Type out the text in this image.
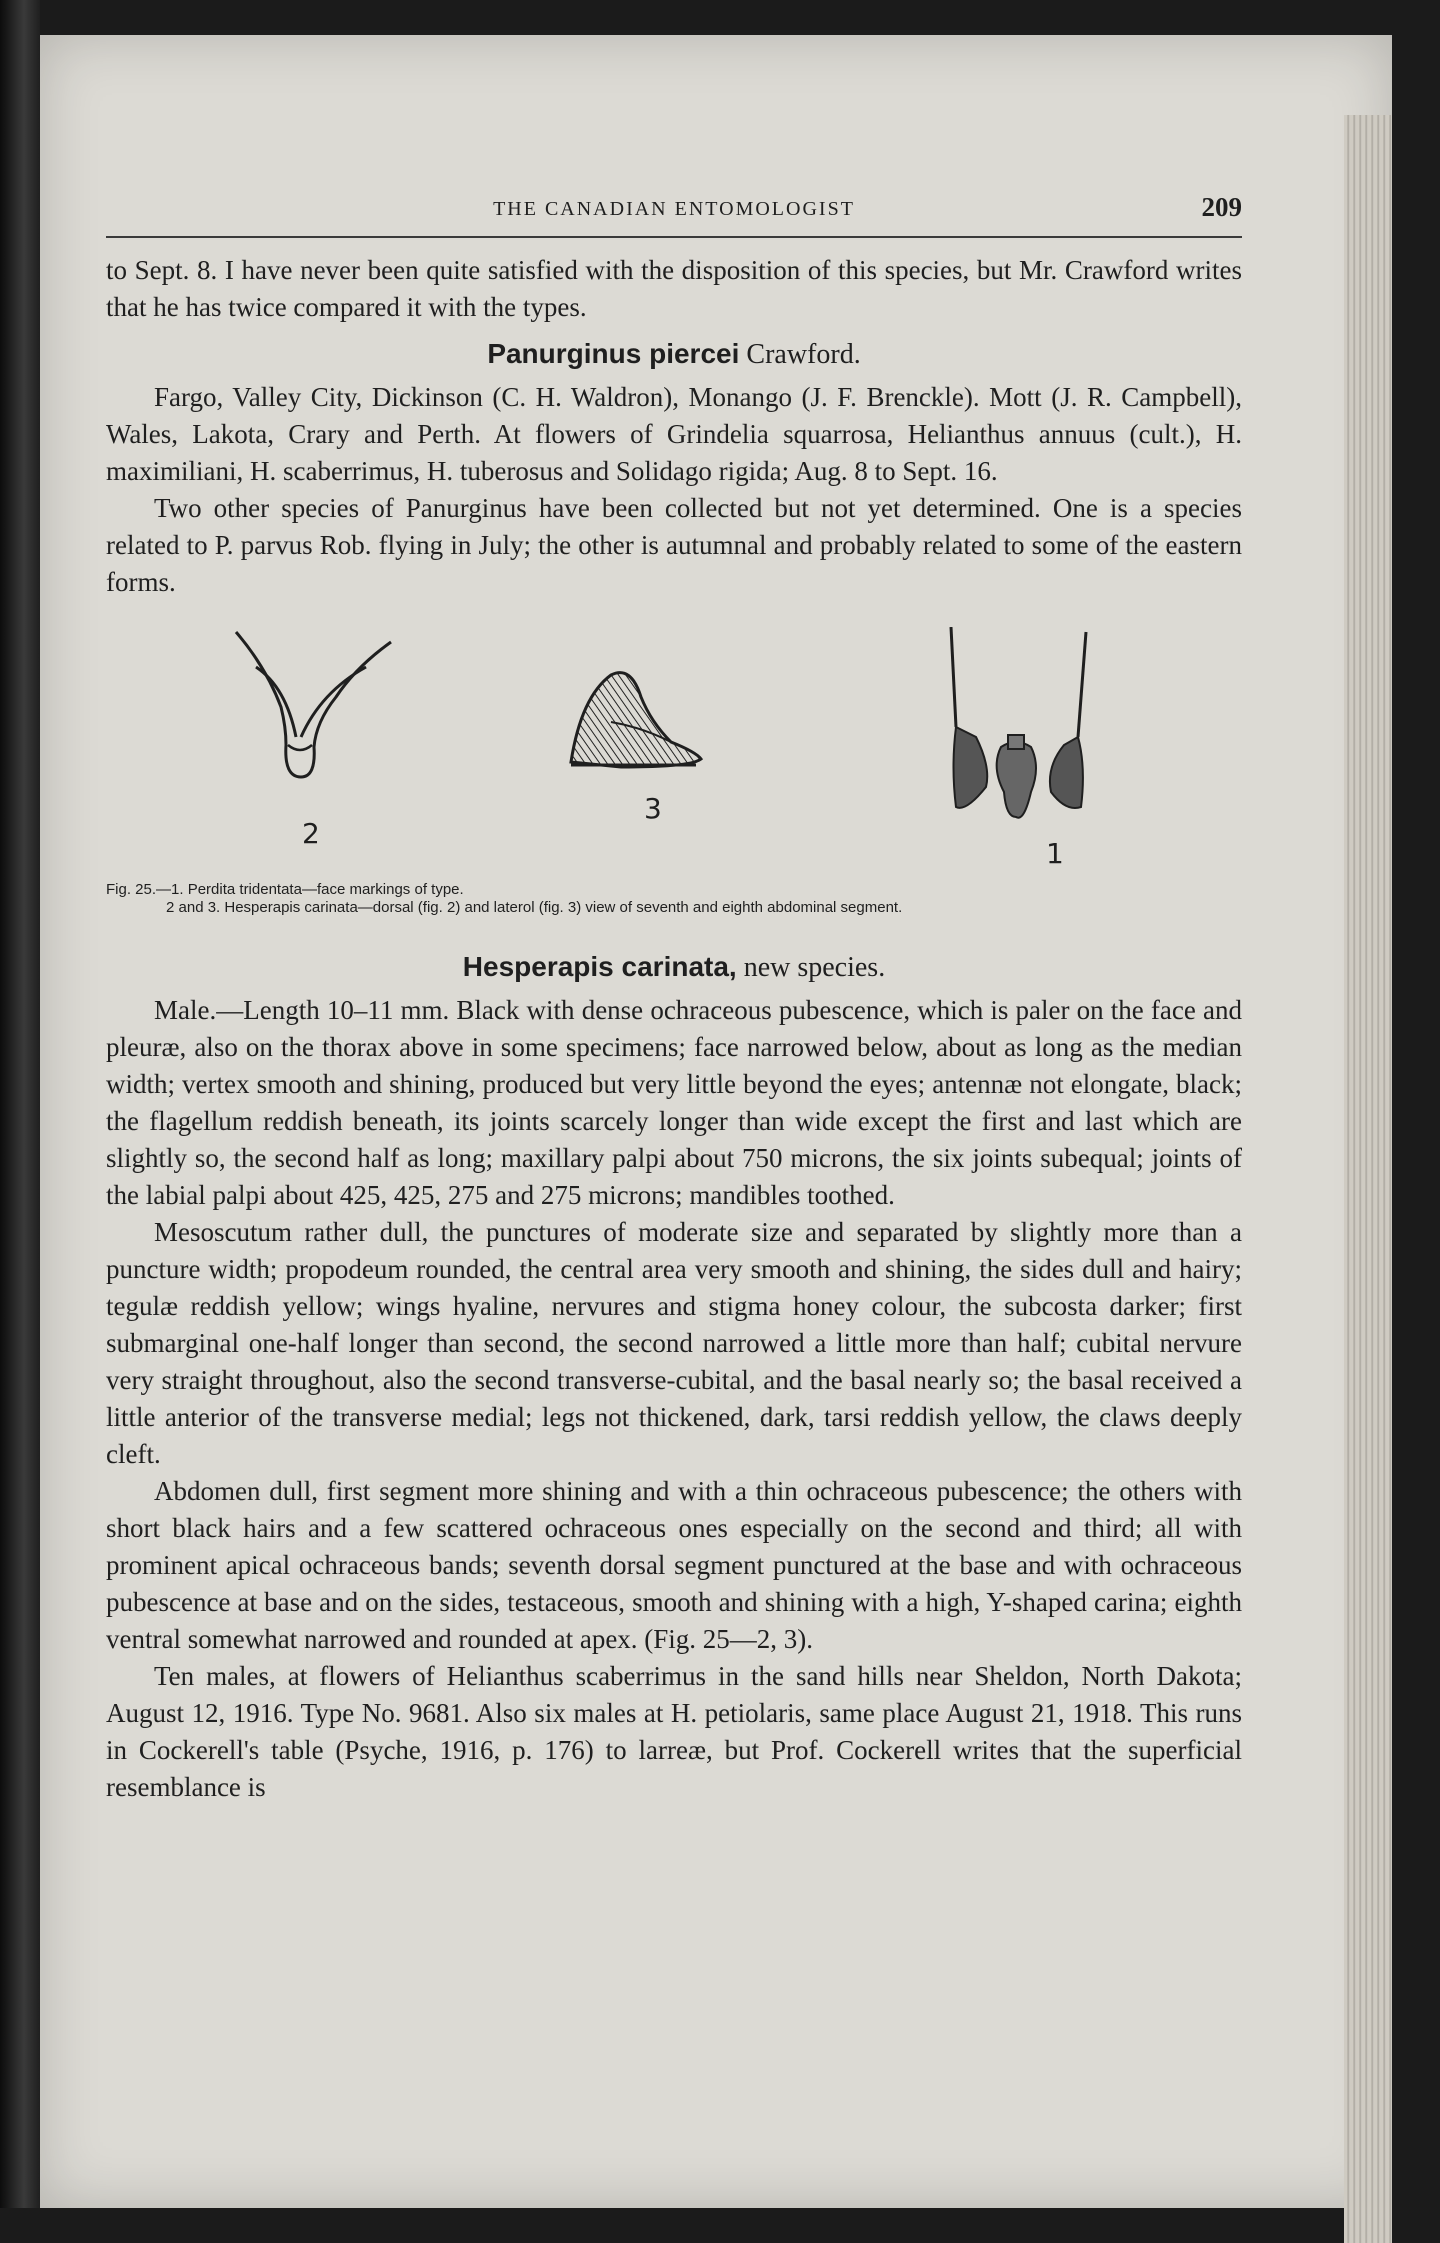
THE CANADIAN ENTOMOLOGIST	209

to Sept. 8. I have never been quite satisfied with the disposition of this species, but Mr. Crawford writes that he has twice compared it with the types.

Panurginus piercei Crawford.

Fargo, Valley City, Dickinson (C. H. Waldron), Monango (J. F. Brenckle). Mott (J. R. Campbell), Wales, Lakota, Crary and Perth. At flowers of Grindelia squarrosa, Helianthus annuus (cult.), H. maximiliani, H. scaberrimus, H. tuberosus and Solidago rigida; Aug. 8 to Sept. 16.

Two other species of Panurginus have been collected but not yet determined. One is a species related to P. parvus Rob. flying in July; the other is autumnal and probably related to some of the eastern forms.

2
3
1
Fig. 25.—1. Perdita tridentata—face markings of type.
2 and 3. Hesperapis carinata—dorsal (fig. 2) and laterol (fig. 3) view of seventh and eighth abdominal segment.
Hesperapis carinata, new species.

Male.—Length 10–11 mm. Black with dense ochraceous pubescence, which is paler on the face and pleuræ, also on the thorax above in some specimens; face narrowed below, about as long as the median width; vertex smooth and shining, produced but very little beyond the eyes; antennæ not elongate, black; the flagellum reddish beneath, its joints scarcely longer than wide except the first and last which are slightly so, the second half as long; maxillary palpi about 750 microns, the six joints subequal; joints of the labial palpi about 425, 425, 275 and 275 microns; mandibles toothed.

Mesoscutum rather dull, the punctures of moderate size and separated by slightly more than a puncture width; propodeum rounded, the central area very smooth and shining, the sides dull and hairy; tegulæ reddish yellow; wings hyaline, nervures and stigma honey colour, the subcosta darker; first submarginal one-half longer than second, the second narrowed a little more than half; cubital nervure very straight throughout, also the second transverse-cubital, and the basal nearly so; the basal received a little anterior of the transverse medial; legs not thickened, dark, tarsi reddish yellow, the claws deeply cleft.

Abdomen dull, first segment more shining and with a thin ochraceous pubescence; the others with short black hairs and a few scattered ochraceous ones especially on the second and third; all with prominent apical ochraceous bands; seventh dorsal segment punctured at the base and with ochraceous pubescence at base and on the sides, testaceous, smooth and shining with a high, Y-shaped carina; eighth ventral somewhat narrowed and rounded at apex. (Fig. 25—2, 3).

Ten males, at flowers of Helianthus scaberrimus in the sand hills near Sheldon, North Dakota; August 12, 1916. Type No. 9681. Also six males at H. petiolaris, same place August 21, 1918. This runs in Cockerell's table (Psyche, 1916, p. 176) to larreæ, but Prof. Cockerell writes that the superficial resemblance is
